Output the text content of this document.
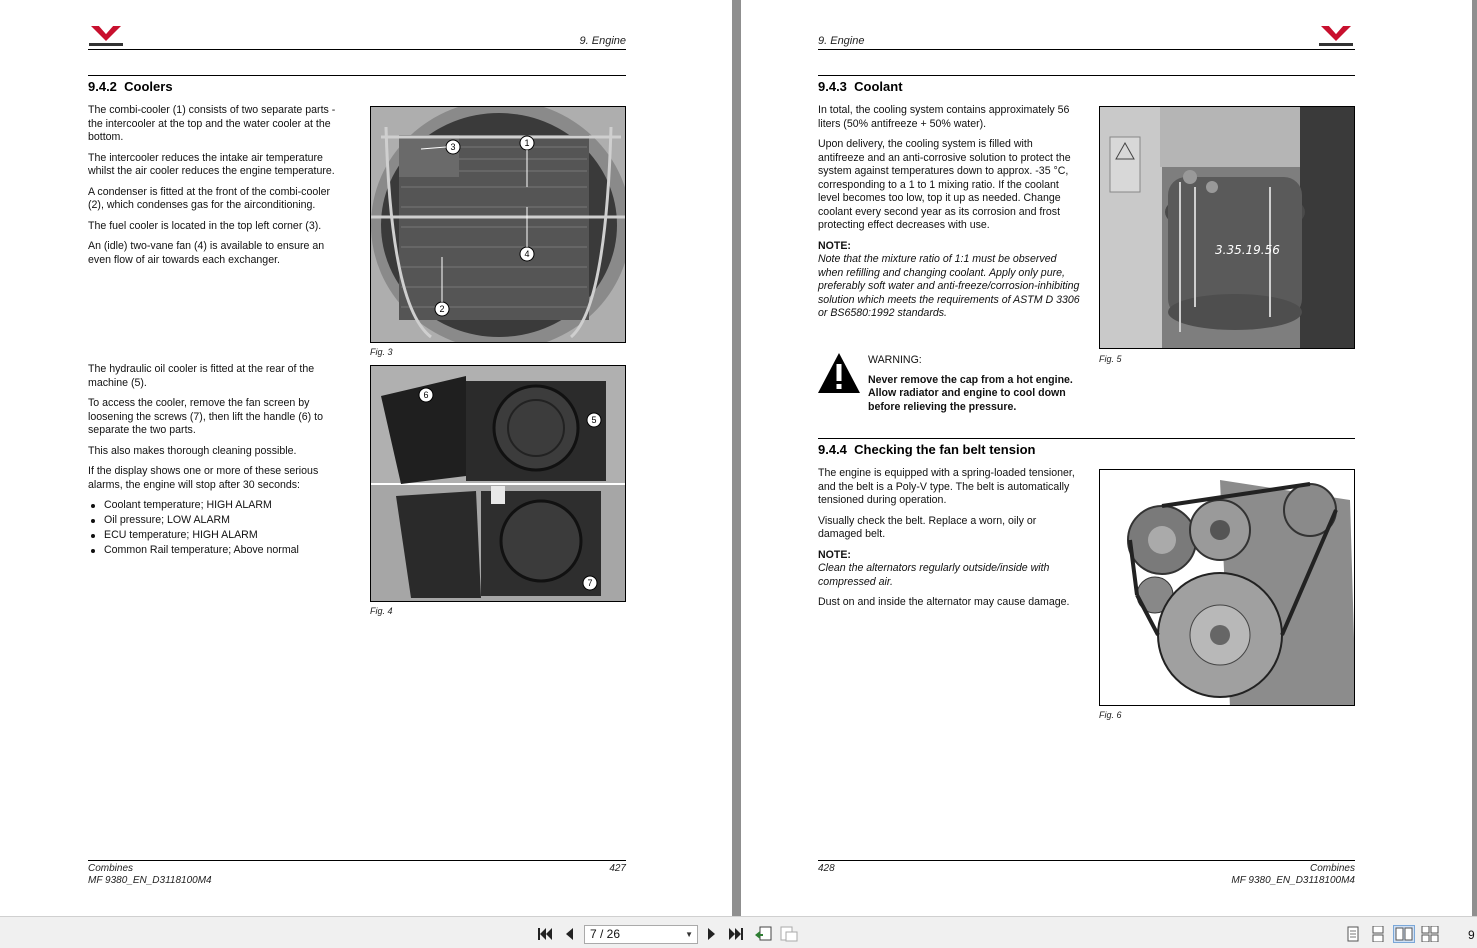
9. Engine
9.4.2 Coolers

The combi-cooler (1) consists of two separate parts - the intercooler at the top and the water cooler at the bottom.

The intercooler reduces the intake air temperature whilst the air cooler reduces the engine temperature.

A condenser is fitted at the front of the combi-cooler (2), which condenses gas for the airconditioning.

The fuel cooler is located in the top left corner (3).

An (idle) two-vane fan (4) is available to ensure an even flow of air towards each exchanger.

1
2
3
4
Fig. 3

The hydraulic oil cooler is fitted at the rear of the machine (5).

To access the cooler, remove the fan screen by loosening the screws (7), then lift the handle (6) to separate the two parts.

This also makes thorough cleaning possible.

If the display shows one or more of these serious alarms, the engine will stop after 30 seconds:

Coolant temperature; HIGH ALARM
Oil pressure; LOW ALARM
ECU temperature; HIGH ALARM
Common Rail temperature; Above normal
6
5
7
Fig. 4
Combines
MF 9380_EN_D3118100M4
427
9. Engine
9.4.3 Coolant

In total, the cooling system contains approximately 56 liters (50% antifreeze + 50% water).

Upon delivery, the cooling system is filled with antifreeze and an anti-corrosive solution to protect the system against temperatures down to approx. -35 °C, corresponding to a 1 to 1 mixing ratio. If the coolant level becomes too low, top it up as needed. Change coolant every second year as its corrosion and frost protecting effect decreases with use.

NOTE:

Note that the mixture ratio of 1:1 must be observed when refilling and changing coolant. Apply only pure, preferably soft water and anti-freeze/corrosion-inhibiting solution which meets the requirements of ASTM D 3306 or BS6580:1992 standards.

WARNING:
Never remove the cap from a hot engine. Allow radiator and engine to cool down before relieving the pressure.
3.35.19.56
Fig. 5
9.4.4 Checking the fan belt tension

The engine is equipped with a spring-loaded tensioner, and the belt is a Poly-V type. The belt is automatically tensioned during operation.

Visually check the belt. Replace a worn, oily or damaged belt.

NOTE:

Clean the alternators regularly outside/inside with compressed air.

Dust on and inside the alternator may cause damage.

Fig. 6
428	Combines
MF 9380_EN_D3118100M4
7 / 26	▼	9
